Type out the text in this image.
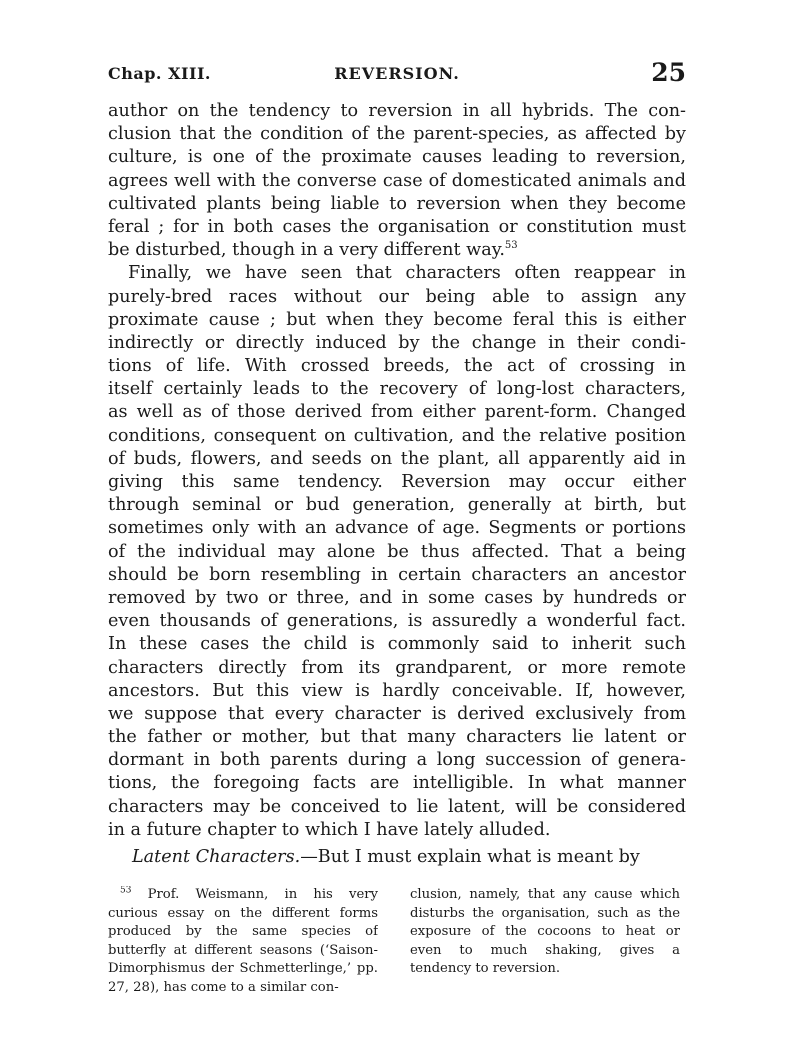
Chap. XIII.	REVERSION.	25
author on the tendency to reversion in all hybrids. The con-
clusion that the condition of the parent-species, as affected by
culture, is one of the proximate causes leading to reversion,
agrees well with the converse case of domesticated animals and
cultivated plants being liable to reversion when they become
feral ; for in both cases the organisation or constitution must
be disturbed, though in a very different way.$^{53}$
Finally, we have seen that characters often reappear in
purely-bred races without our being able to assign any
proximate cause ; but when they become feral this is either
indirectly or directly induced by the change in their condi-
tions of life. With crossed breeds, the act of crossing in
itself certainly leads to the recovery of long-lost characters,
as well as of those derived from either parent-form. Changed
conditions, consequent on cultivation, and the relative position
of buds, flowers, and seeds on the plant, all apparently aid in
giving this same tendency. Reversion may occur either
through seminal or bud generation, generally at birth, but
sometimes only with an advance of age. Segments or portions
of the individual may alone be thus affected. That a being
should be born resembling in certain characters an ancestor
removed by two or three, and in some cases by hundreds or
even thousands of generations, is assuredly a wonderful fact.
In these cases the child is commonly said to inherit such
characters directly from its grandparent, or more remote
ancestors. But this view is hardly conceivable. If, however,
we suppose that every character is derived exclusively from
the father or mother, but that many characters lie latent or
dormant in both parents during a long succession of genera-
tions, the foregoing facts are intelligible. In what manner
characters may be conceived to lie latent, will be considered
in a future chapter to which I have lately alluded.
Latent Characters.—But I must explain what is meant by
$^{53}$ Prof. Weismann, in his very
curious essay on the different forms
produced by the same species of
butterfly at different seasons (‘Saison-
Dimorphismus der Schmetterlinge,’ pp.
27, 28), has come to a similar con-
clusion, namely, that any cause which
disturbs the organisation, such as the
exposure of the cocoons to heat or
even to much shaking, gives a
tendency to reversion.
